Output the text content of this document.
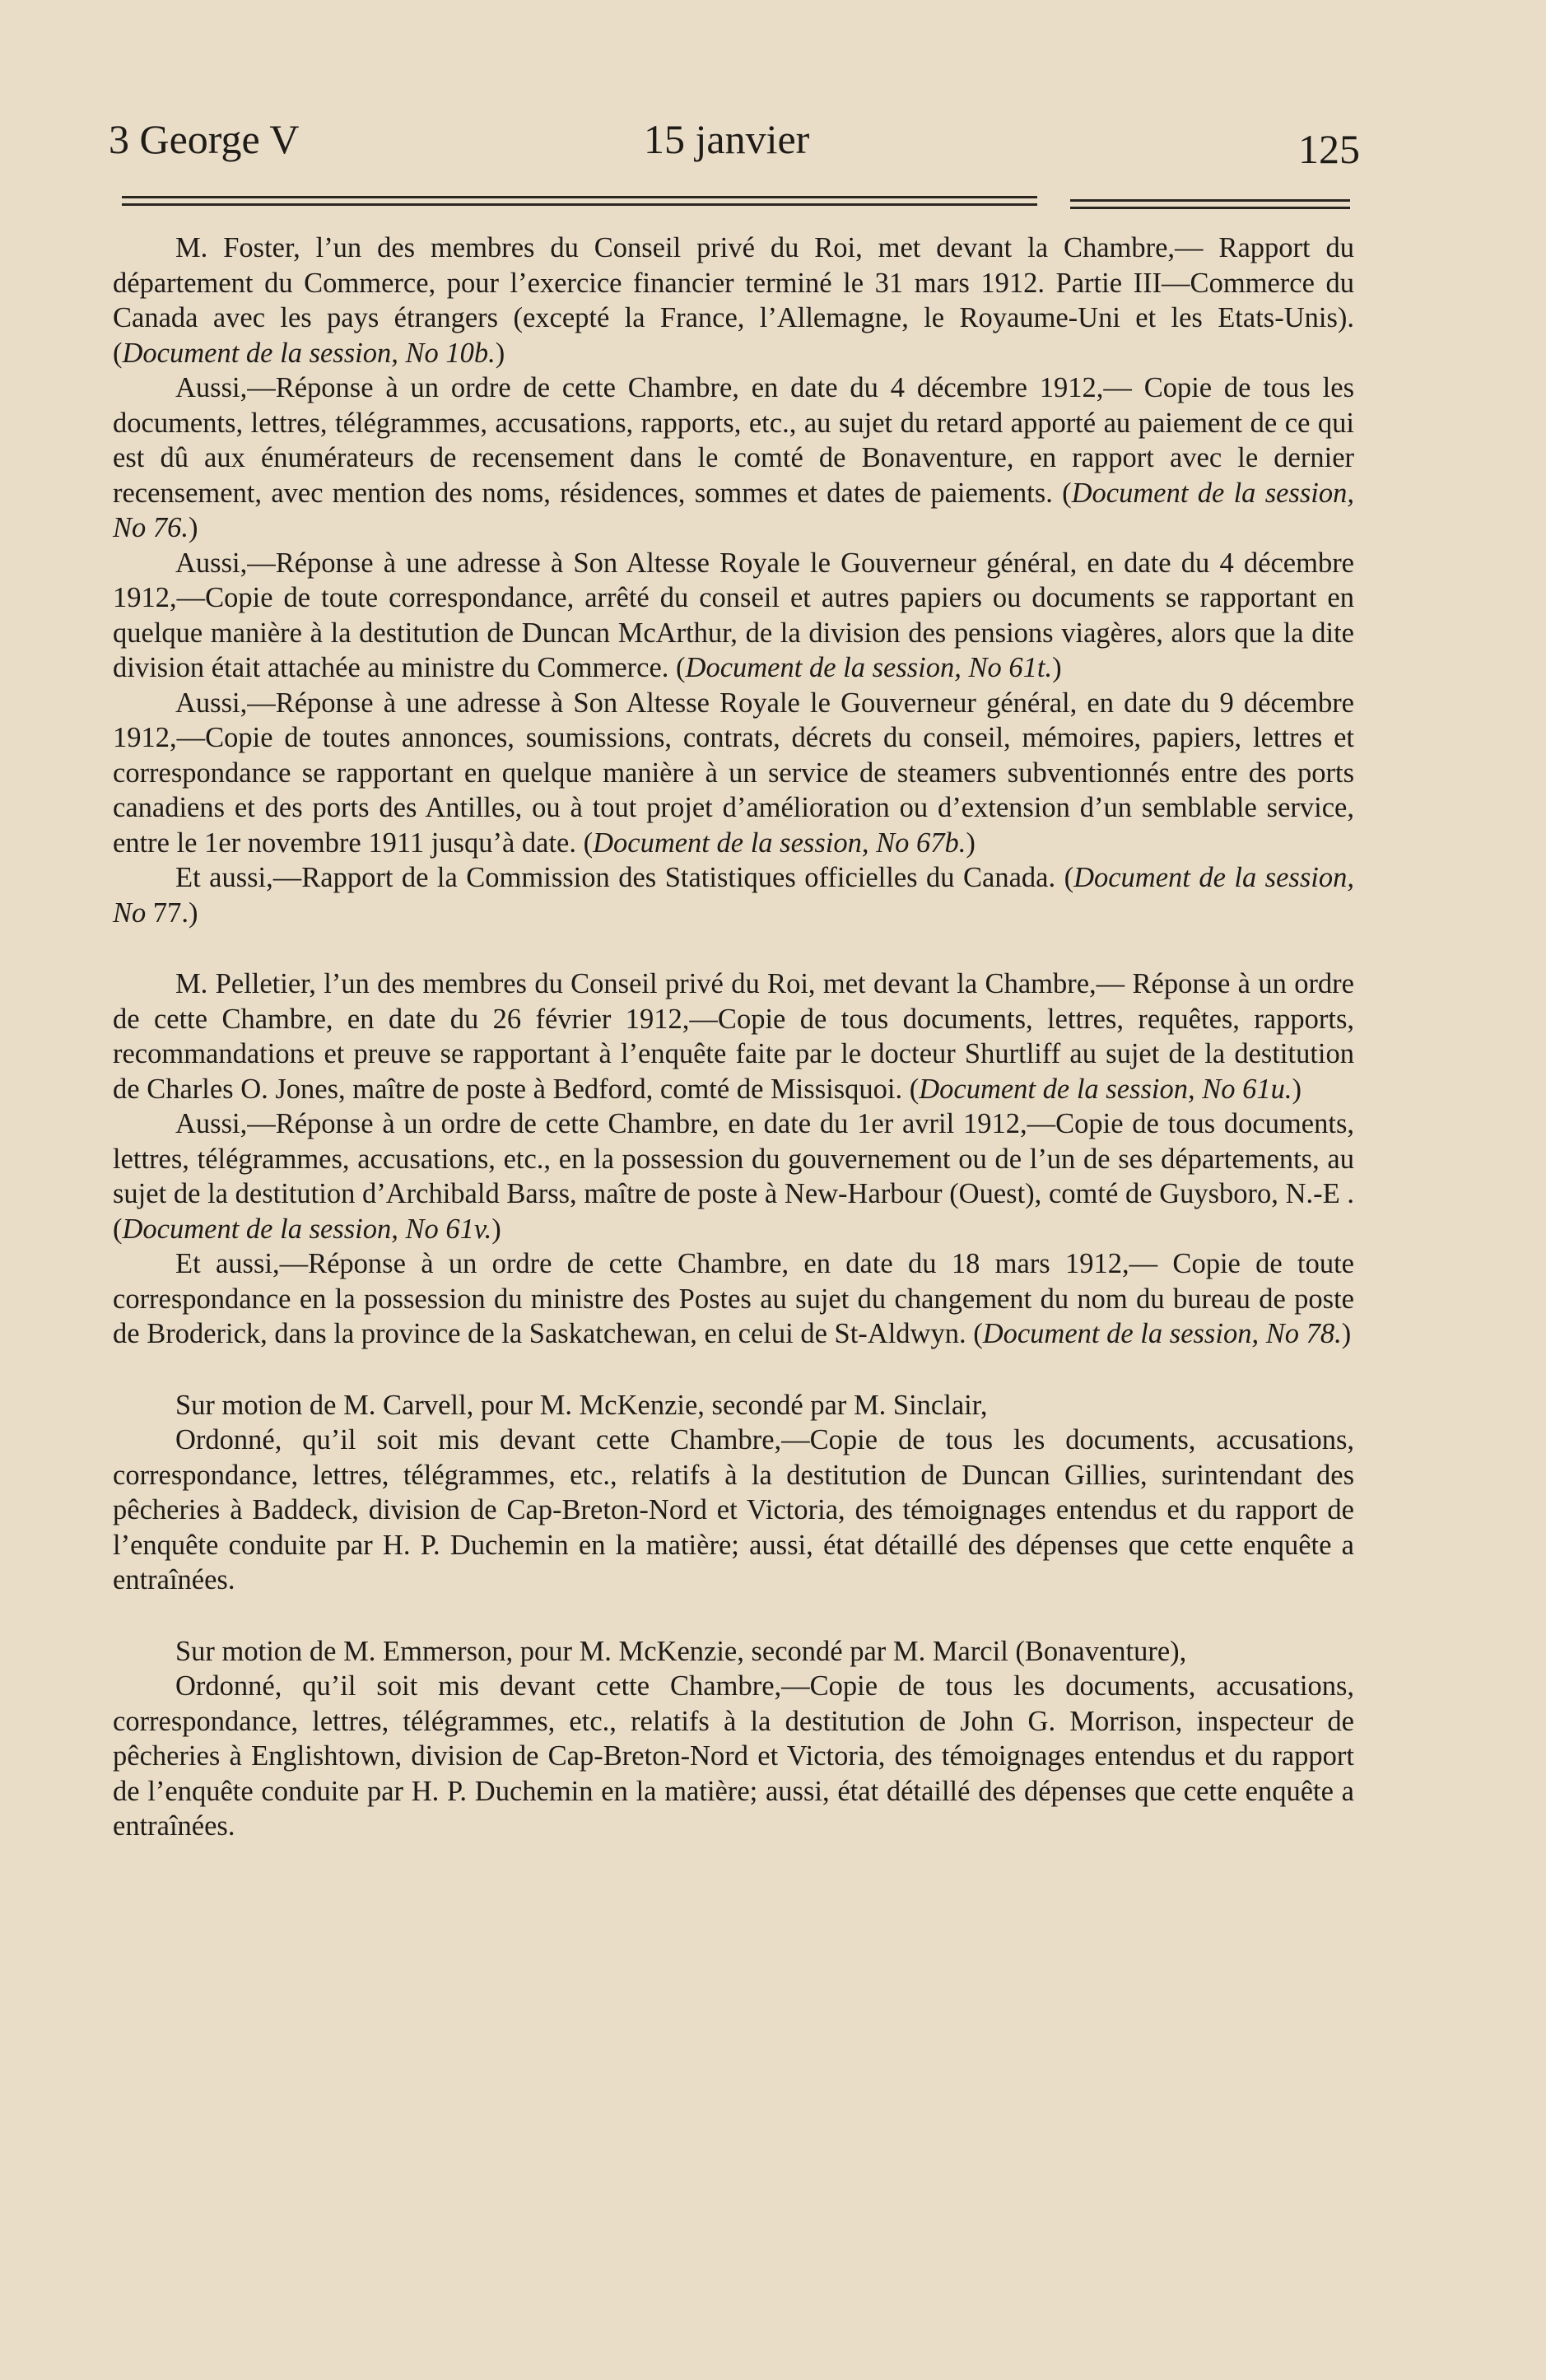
3 George V	15 janvier	125

M. Foster, l’un des membres du Conseil privé du Roi, met devant la Chambre,— Rapport du département du Commerce, pour l’exercice financier terminé le 31 mars 1912. Partie III—Commerce du Canada avec les pays étrangers (excepté la France, l’Allemagne, le Royaume-Uni et les Etats-Unis). (Document de la session, No 10b.)

Aussi,—Réponse à un ordre de cette Chambre, en date du 4 décembre 1912,— Copie de tous les documents, lettres, télégrammes, accusations, rapports, etc., au sujet du retard apporté au paiement de ce qui est dû aux énumérateurs de recensement dans le comté de Bonaventure, en rapport avec le dernier recensement, avec mention des noms, résidences, sommes et dates de paiements. (Document de la session, No 76.)

Aussi,—Réponse à une adresse à Son Altesse Royale le Gouverneur général, en date du 4 décembre 1912,—Copie de toute correspondance, arrêté du conseil et autres papiers ou documents se rapportant en quelque manière à la destitution de Duncan McArthur, de la division des pensions viagères, alors que la dite division était attachée au ministre du Commerce. (Document de la session, No 61t.)

Aussi,—Réponse à une adresse à Son Altesse Royale le Gouverneur général, en date du 9 décembre 1912,—Copie de toutes annonces, soumissions, contrats, décrets du conseil, mémoires, papiers, lettres et correspondance se rapportant en quelque manière à un service de steamers subventionnés entre des ports canadiens et des ports des Antilles, ou à tout projet d’amélioration ou d’extension d’un semblable service, entre le 1er novembre 1911 jusqu’à date. (Document de la session, No 67b.)

Et aussi,—Rapport de la Commission des Statistiques officielles du Canada. (Document de la session, No 77.)

M. Pelletier, l’un des membres du Conseil privé du Roi, met devant la Chambre,— Réponse à un ordre de cette Chambre, en date du 26 février 1912,—Copie de tous documents, lettres, requêtes, rapports, recommandations et preuve se rapportant à l’enquête faite par le docteur Shurtliff au sujet de la destitution de Charles O. Jones, maître de poste à Bedford, comté de Missisquoi. (Document de la session, No 61u.)

Aussi,—Réponse à un ordre de cette Chambre, en date du 1er avril 1912,—Copie de tous documents, lettres, télégrammes, accusations, etc., en la possession du gouvernement ou de l’un de ses départements, au sujet de la destitution d’Archibald Barss, maître de poste à New-Harbour (Ouest), comté de Guysboro, N.-E . (Document de la session, No 61v.)

Et aussi,—Réponse à un ordre de cette Chambre, en date du 18 mars 1912,— Copie de toute correspondance en la possession du ministre des Postes au sujet du changement du nom du bureau de poste de Broderick, dans la province de la Saskatchewan, en celui de St-Aldwyn. (Document de la session, No 78.)

Sur motion de M. Carvell, pour M. McKenzie, secondé par M. Sinclair,

Ordonné, qu’il soit mis devant cette Chambre,—Copie de tous les documents, accusations, correspondance, lettres, télégrammes, etc., relatifs à la destitution de Duncan Gillies, surintendant des pêcheries à Baddeck, division de Cap-Breton-Nord et Victoria, des témoignages entendus et du rapport de l’enquête conduite par H. P. Duchemin en la matière; aussi, état détaillé des dépenses que cette enquête a entraînées.

Sur motion de M. Emmerson, pour M. McKenzie, secondé par M. Marcil (Bonaventure),

Ordonné, qu’il soit mis devant cette Chambre,—Copie de tous les documents, accusations, correspondance, lettres, télégrammes, etc., relatifs à la destitution de John G. Morrison, inspecteur de pêcheries à Englishtown, division de Cap-Breton-Nord et Victoria, des témoignages entendus et du rapport de l’enquête conduite par H. P. Duchemin en la matière; aussi, état détaillé des dépenses que cette enquête a entraînées.
